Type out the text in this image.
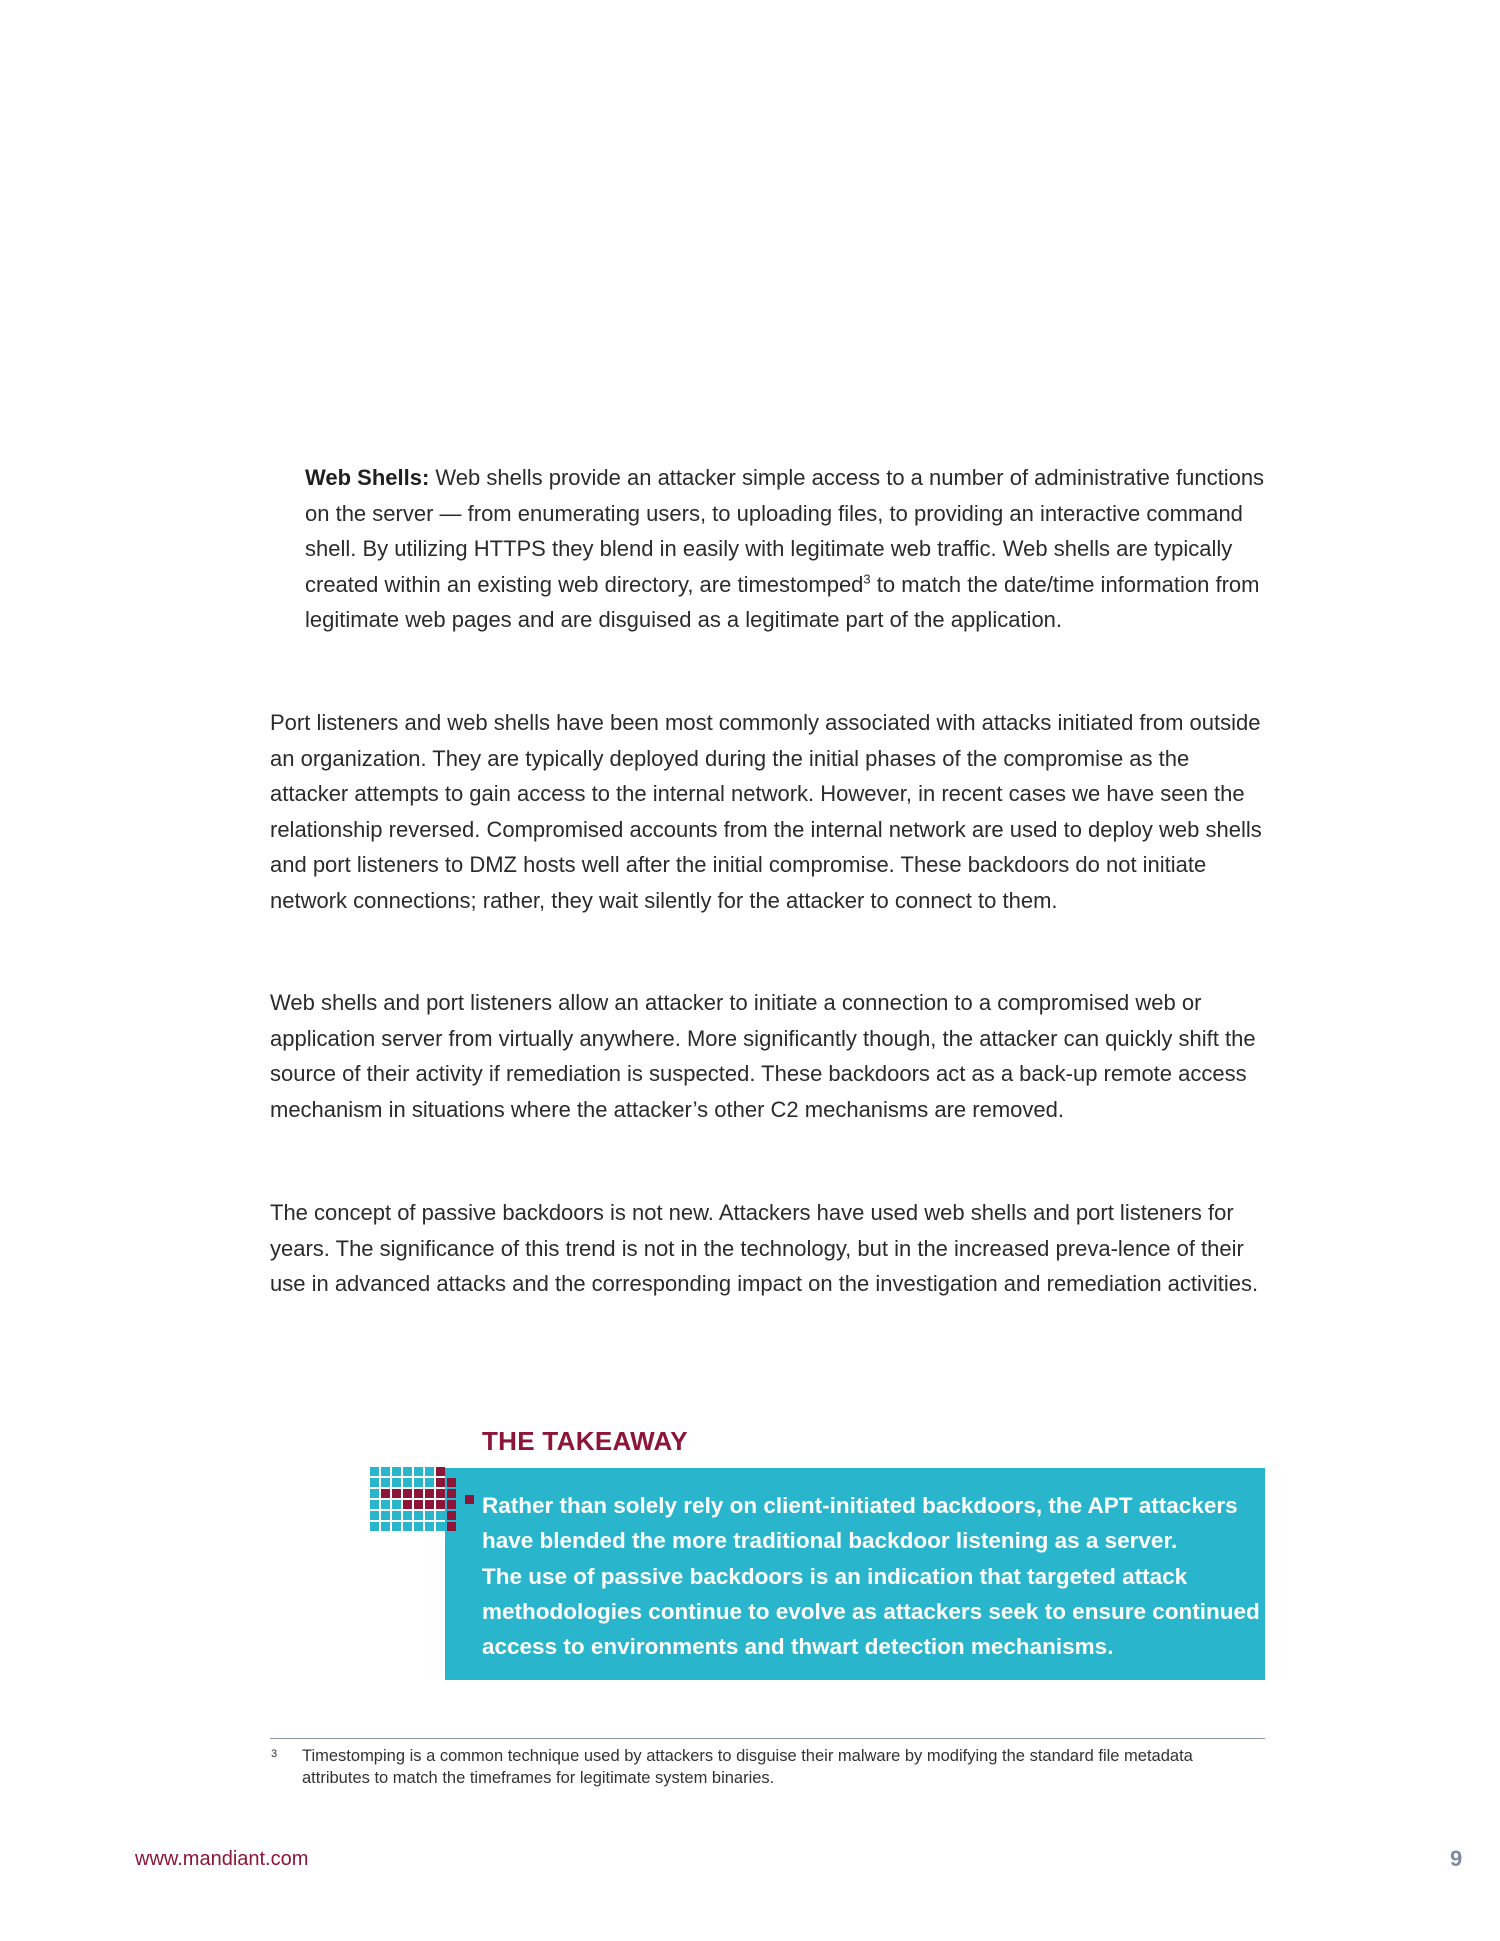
Web Shells: Web shells provide an attacker simple access to a number of administrative functions on the server — from enumerating users, to uploading files, to providing an interactive command shell. By utilizing HTTPS they blend in easily with legitimate web traffic. Web shells are typically created within an existing web directory, are timestomped$^3$ to match the date/time information from legitimate web pages and are disguised as a legitimate part of the application.

Port listeners and web shells have been most commonly associated with attacks initiated from outside an organization. They are typically deployed during the initial phases of the compromise as the attacker attempts to gain access to the internal network. However, in recent cases we have seen the relationship reversed. Compromised accounts from the internal network are used to deploy web shells and port listeners to DMZ hosts well after the initial compromise. These backdoors do not initiate network connections; rather, they wait silently for the attacker to connect to them.

Web shells and port listeners allow an attacker to initiate a connection to a compromised web or application server from virtually anywhere. More significantly though, the attacker can quickly shift the source of their activity if remediation is suspected. These backdoors act as a back-up remote access mechanism in situations where the attacker’s other C2 mechanisms are removed.

The concept of passive backdoors is not new. Attackers have used web shells and port listeners for years. The significance of this trend is not in the technology, but in the increased preva-lence of their use in advanced attacks and the corresponding impact on the investigation and remediation activities.

THE TAKEAWAY
Rather than solely rely on client-initiated backdoors, the APT attackers
have blended the more traditional backdoor listening as a server.
The use of passive backdoors is an indication that targeted attack
methodologies continue to evolve as attackers seek to ensure continued
access to environments and thwart detection mechanisms.
3 Timestomping is a common technique used by attackers to disguise their malware by modifying the standard file metadata attributes to match the timeframes for legitimate system binaries.
www.mandiant.com	9
